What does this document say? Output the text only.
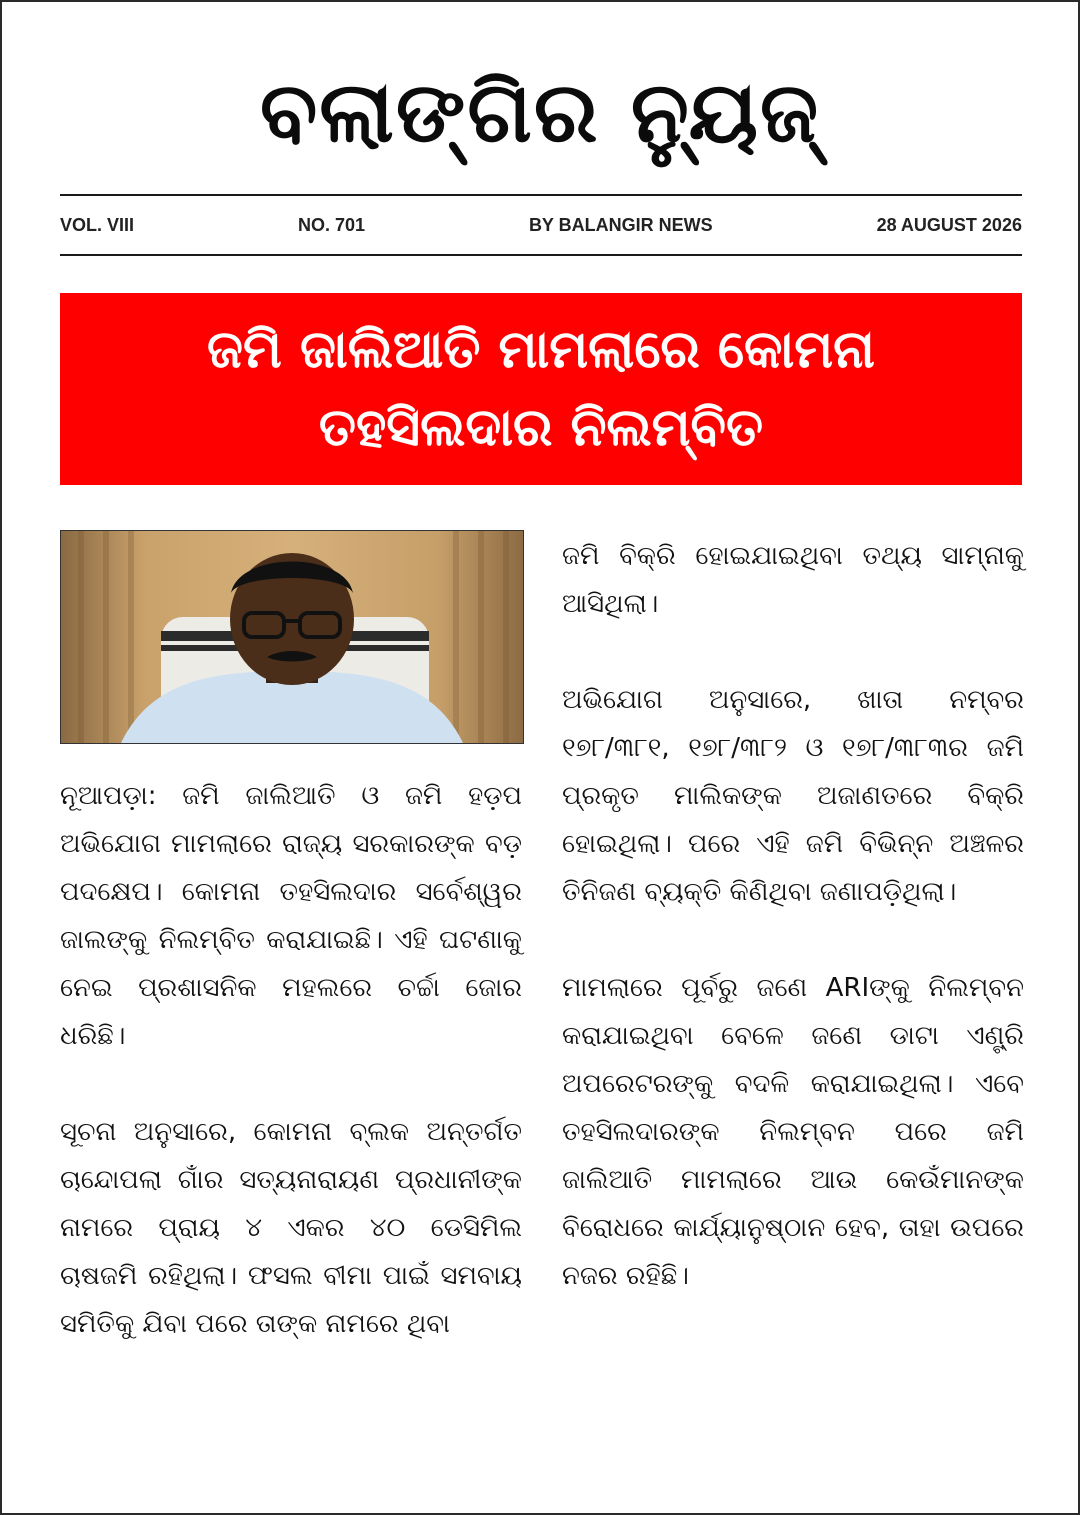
ବଲାଙ୍ଗିର ନ୍ୟୁଜ୍
VOL. VIII	NO. 701	BY BALANGIR NEWS	28 AUGUST 2026
ଜମି ଜାଲିଆତି ମାମଲାରେ କୋମନା
ତହସିଲଦାର ନିଲମ୍ବିତ

ନୂଆପଡ଼ା: ଜମି ଜାଲିଆତି ଓ ଜମି ହଡ଼ପ ଅଭିଯୋଗ ମାମଲାରେ ରାଜ୍ୟ ସରକାରଙ୍କ ବଡ଼ ପଦକ୍ଷେପ। କୋମନା ତହସିଲଦାର ସର୍ବେଶ୍ୱର ଜାଲଙ୍କୁ ନିଲମ୍ବିତ କରାଯାଇଛି। ଏହି ଘଟଣାକୁ ନେଇ ପ୍ରଶାସନିକ ମହଲରେ ଚର୍ଚ୍ଚା ଜୋର ଧରିଛି।

ସୂଚନା ଅନୁସାରେ, କୋମନା ବ୍ଲକ ଅନ୍ତର୍ଗତ ଚାନ୍ଦୋପଲା ଗାଁର ସତ୍ୟନାରାୟଣ ପ୍ରଧାନୀଙ୍କ ନାମରେ ପ୍ରାୟ ୪ ଏକର ୪୦ ଡେସିମିଲ ଚାଷଜମି ରହିଥିଲା। ଫସଲ ବୀମା ପାଇଁ ସମବାୟ ସମିତିକୁ ଯିବା ପରେ ତାଙ୍କ ନାମରେ ଥିବା

ଜମି ବିକ୍ରି ହୋଇଯାଇଥିବା ତଥ୍ୟ ସାମ୍ନାକୁ ଆସିଥିଲା।

ଅଭିଯୋଗ ଅନୁସାରେ, ଖାତା ନମ୍ବର ୧୭୮/୩୮୧, ୧୭୮/୩୮୨ ଓ ୧୭୮/୩୮୩ର ଜମି ପ୍ରକୃତ ମାଲିକଙ୍କ ଅଜାଣତରେ ବିକ୍ରି ହୋଇଥିଲା। ପରେ ଏହି ଜମି ବିଭିନ୍ନ ଅଞ୍ଚଳର ତିନିଜଣ ବ୍ୟକ୍ତି କିଣିଥିବା ଜଣାପଡ଼ିଥିଲା।

ମାମଲାରେ ପୂର୍ବରୁ ଜଣେ ARIଙ୍କୁ ନିଲମ୍ବନ କରାଯାଇଥିବା ବେଳେ ଜଣେ ଡାଟା ଏଣ୍ଟ୍ରି ଅପରେଟରଙ୍କୁ ବଦଳି କରାଯାଇଥିଲା। ଏବେ ତହସିଲଦାରଙ୍କ ନିଲମ୍ବନ ପରେ ଜମି ଜାଲିଆତି ମାମଲାରେ ଆଉ କେଉଁମାନଙ୍କ ବିରୋଧରେ କାର୍ଯ୍ୟାନୁଷ୍ଠାନ ହେବ, ତାହା ଉପରେ ନଜର ରହିଛି।
